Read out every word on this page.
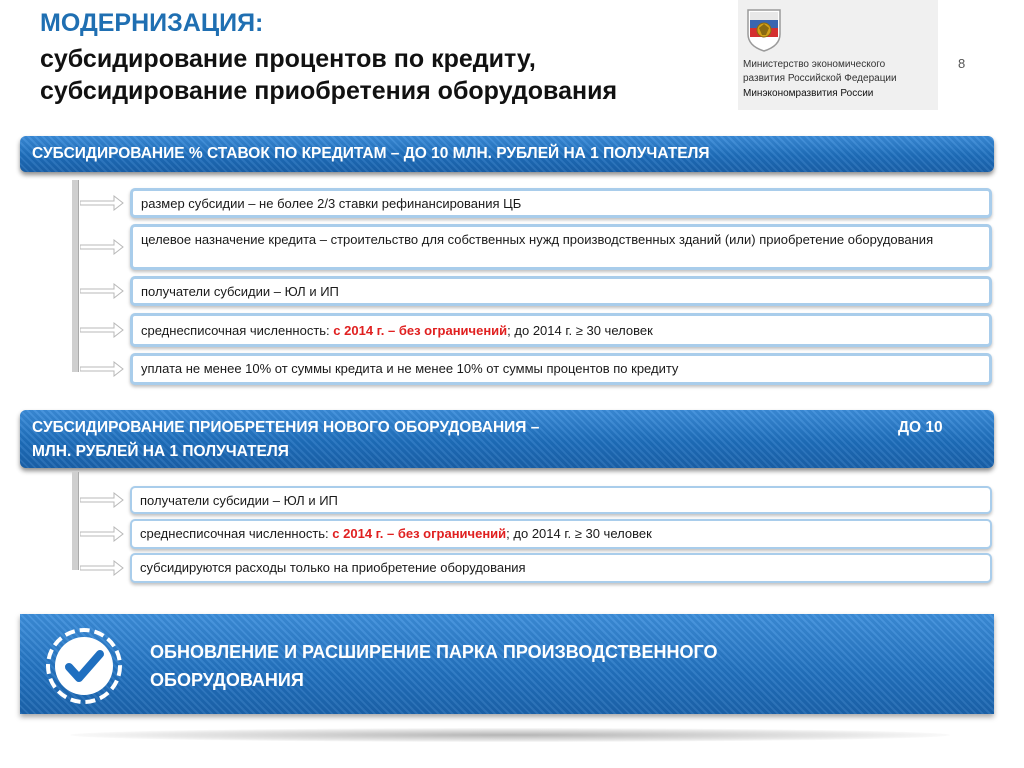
МОДЕРНИЗАЦИЯ:
субсидирование процентов по кредиту,
субсидирование приобретения оборудования
Министерство экономического
развития Российской Федерации
Минэкономразвития России
8
СУБСИДИРОВАНИЕ % СТАВОК ПО КРЕДИТАМ – ДО 10 МЛН. РУБЛЕЙ НА 1 ПОЛУЧАТЕЛЯ
размер субсидии – не более 2/3 ставки рефинансирования ЦБ
целевое назначение кредита – строительство для собственных нужд производственных зданий (или) приобретение оборудования
получатели субсидии – ЮЛ и ИП
среднесписочная численность: с 2014 г. – без ограничений; до 2014 г. ≥ 30 человек
уплата не менее 10% от суммы кредита и не менее 10% от суммы процентов по кредиту
СУБСИДИРОВАНИЕ ПРИОБРЕТЕНИЯ НОВОГО ОБОРУДОВАНИЯ –
МЛН. РУБЛЕЙ НА 1 ПОЛУЧАТЕЛЯ
ДО 10
получатели субсидии – ЮЛ и ИП
среднесписочная численность: с 2014 г. – без ограничений; до 2014 г. ≥ 30 человек
субсидируются расходы только на приобретение оборудования
ОБНОВЛЕНИЕ И РАСШИРЕНИЕ ПАРКА ПРОИЗВОДСТВЕННОГО ОБОРУДОВАНИЯ
